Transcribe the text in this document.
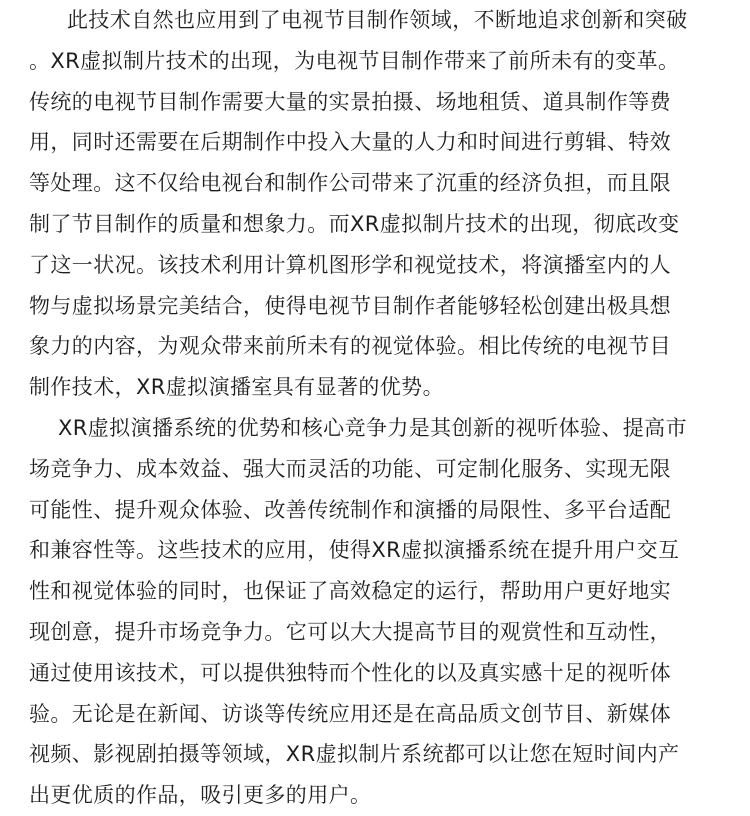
此技术自然也应用到了电视节目制作领域，不断地追求创新和突破
。XR虚拟制片技术的出现，为电视节目制作带来了前所未有的变革。
传统的电视节目制作需要大量的实景拍摄、场地租赁、道具制作等费
用，同时还需要在后期制作中投入大量的人力和时间进行剪辑、特效
等处理。这不仅给电视台和制作公司带来了沉重的经济负担，而且限
制了节目制作的质量和想象力。而XR虚拟制片技术的出现，彻底改变
了这一状况。该技术利用计算机图形学和视觉技术，将演播室内的人
物与虚拟场景完美结合，使得电视节目制作者能够轻松创建出极具想
象力的内容，为观众带来前所未有的视觉体验。相比传统的电视节目
制作技术，XR虚拟演播室具有显著的优势。
XR虚拟演播系统的优势和核心竞争力是其创新的视听体验、提高市
场竞争力、成本效益、强大而灵活的功能、可定制化服务、实现无限
可能性、提升观众体验、改善传统制作和演播的局限性、多平台适配
和兼容性等。这些技术的应用，使得XR虚拟演播系统在提升用户交互
性和视觉体验的同时，也保证了高效稳定的运行，帮助用户更好地实
现创意，提升市场竞争力。它可以大大提高节目的观赏性和互动性，
通过使用该技术，可以提供独特而个性化的以及真实感十足的视听体
验。无论是在新闻、访谈等传统应用还是在高品质文创节目、新媒体
视频、影视剧拍摄等领域，XR虚拟制片系统都可以让您在短时间内产
出更优质的作品，吸引更多的用户。
